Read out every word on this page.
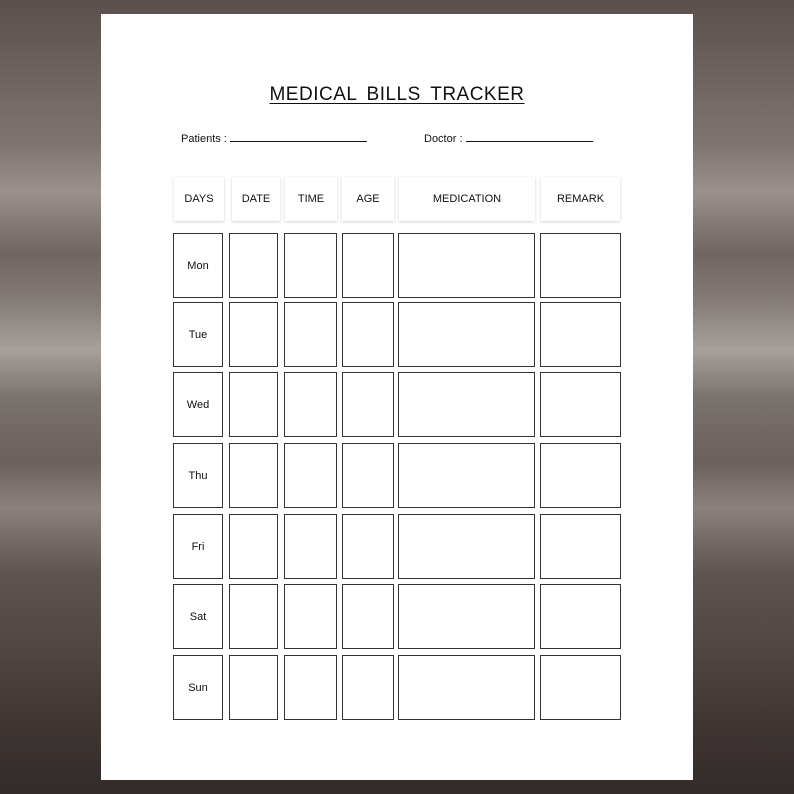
MEDICAL BILLS TRACKER
Patients :	Doctor :
DAYS	DATE	TIME	AGE	MEDICATION	REMARK
Mon
Tue
Wed
Thu
Fri
Sat
Sun
